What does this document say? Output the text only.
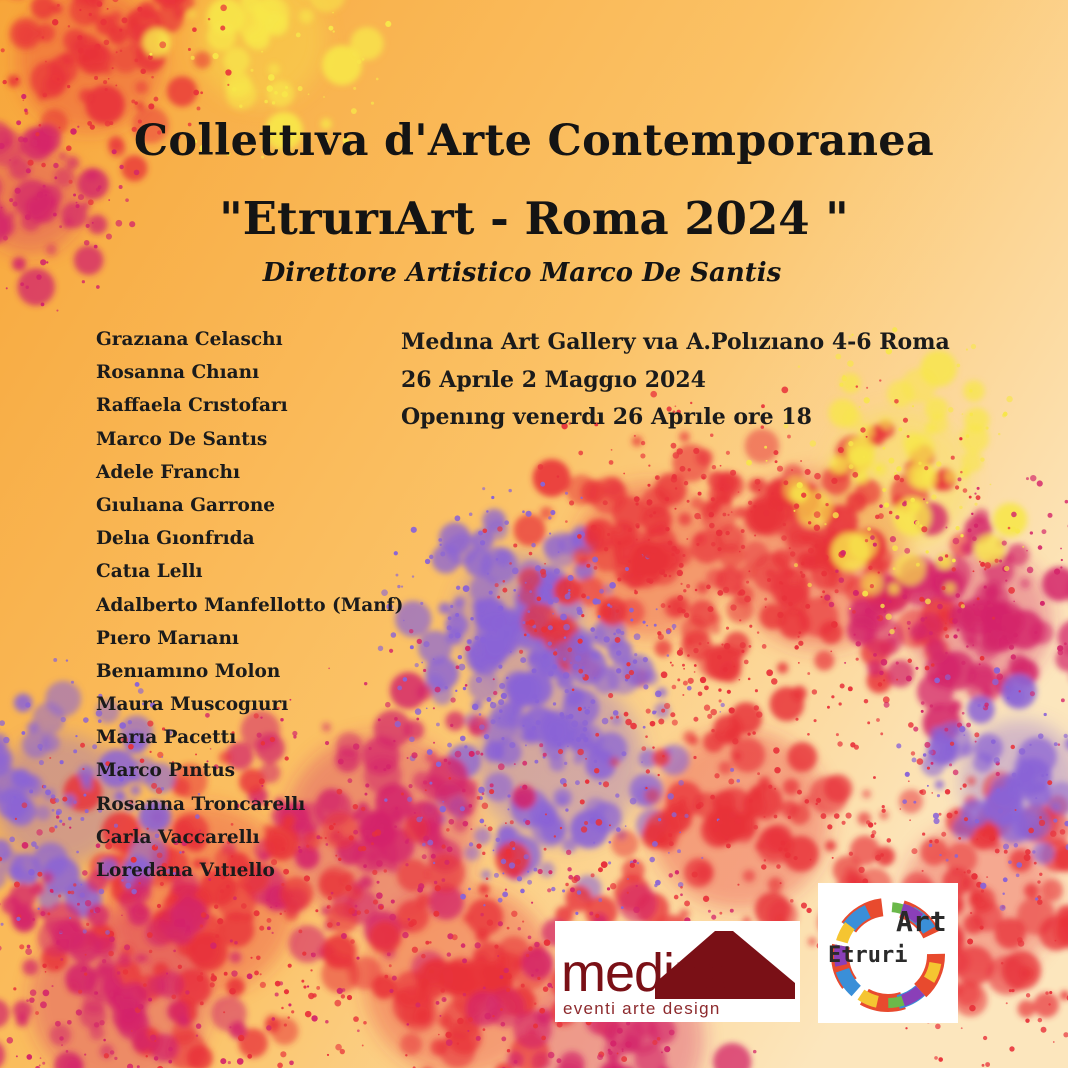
Collettıva d'Arte Contemporanea
"EtrurıArt - Roma 2024 "
Direttore Artistico Marco De Santis
Grazıana Celaschı
Rosanna Chıanı
Raffaela Crıstofarı
Marco De Santıs
Adele Franchı
Gıulıana Garrone
Delıa Gıonfrıda
Catıa Lellı
Adalberto Manfellotto (Manf)
Pıero Marıanı
Benıamıno Molon
Maura Muscogıurı
Marıa Pacettı
Marco Pıntus
Rosanna Troncarellı
Carla Vaccarellı
Loredana Vıtıello
Medına Art Gallery vıa A.Polızıano 4-6 Roma
26 Aprıle 2 Maggıo 2024
Openıng venerdı 26 Aprıle ore 18
medina
eventi arte design
Art
Etruri
